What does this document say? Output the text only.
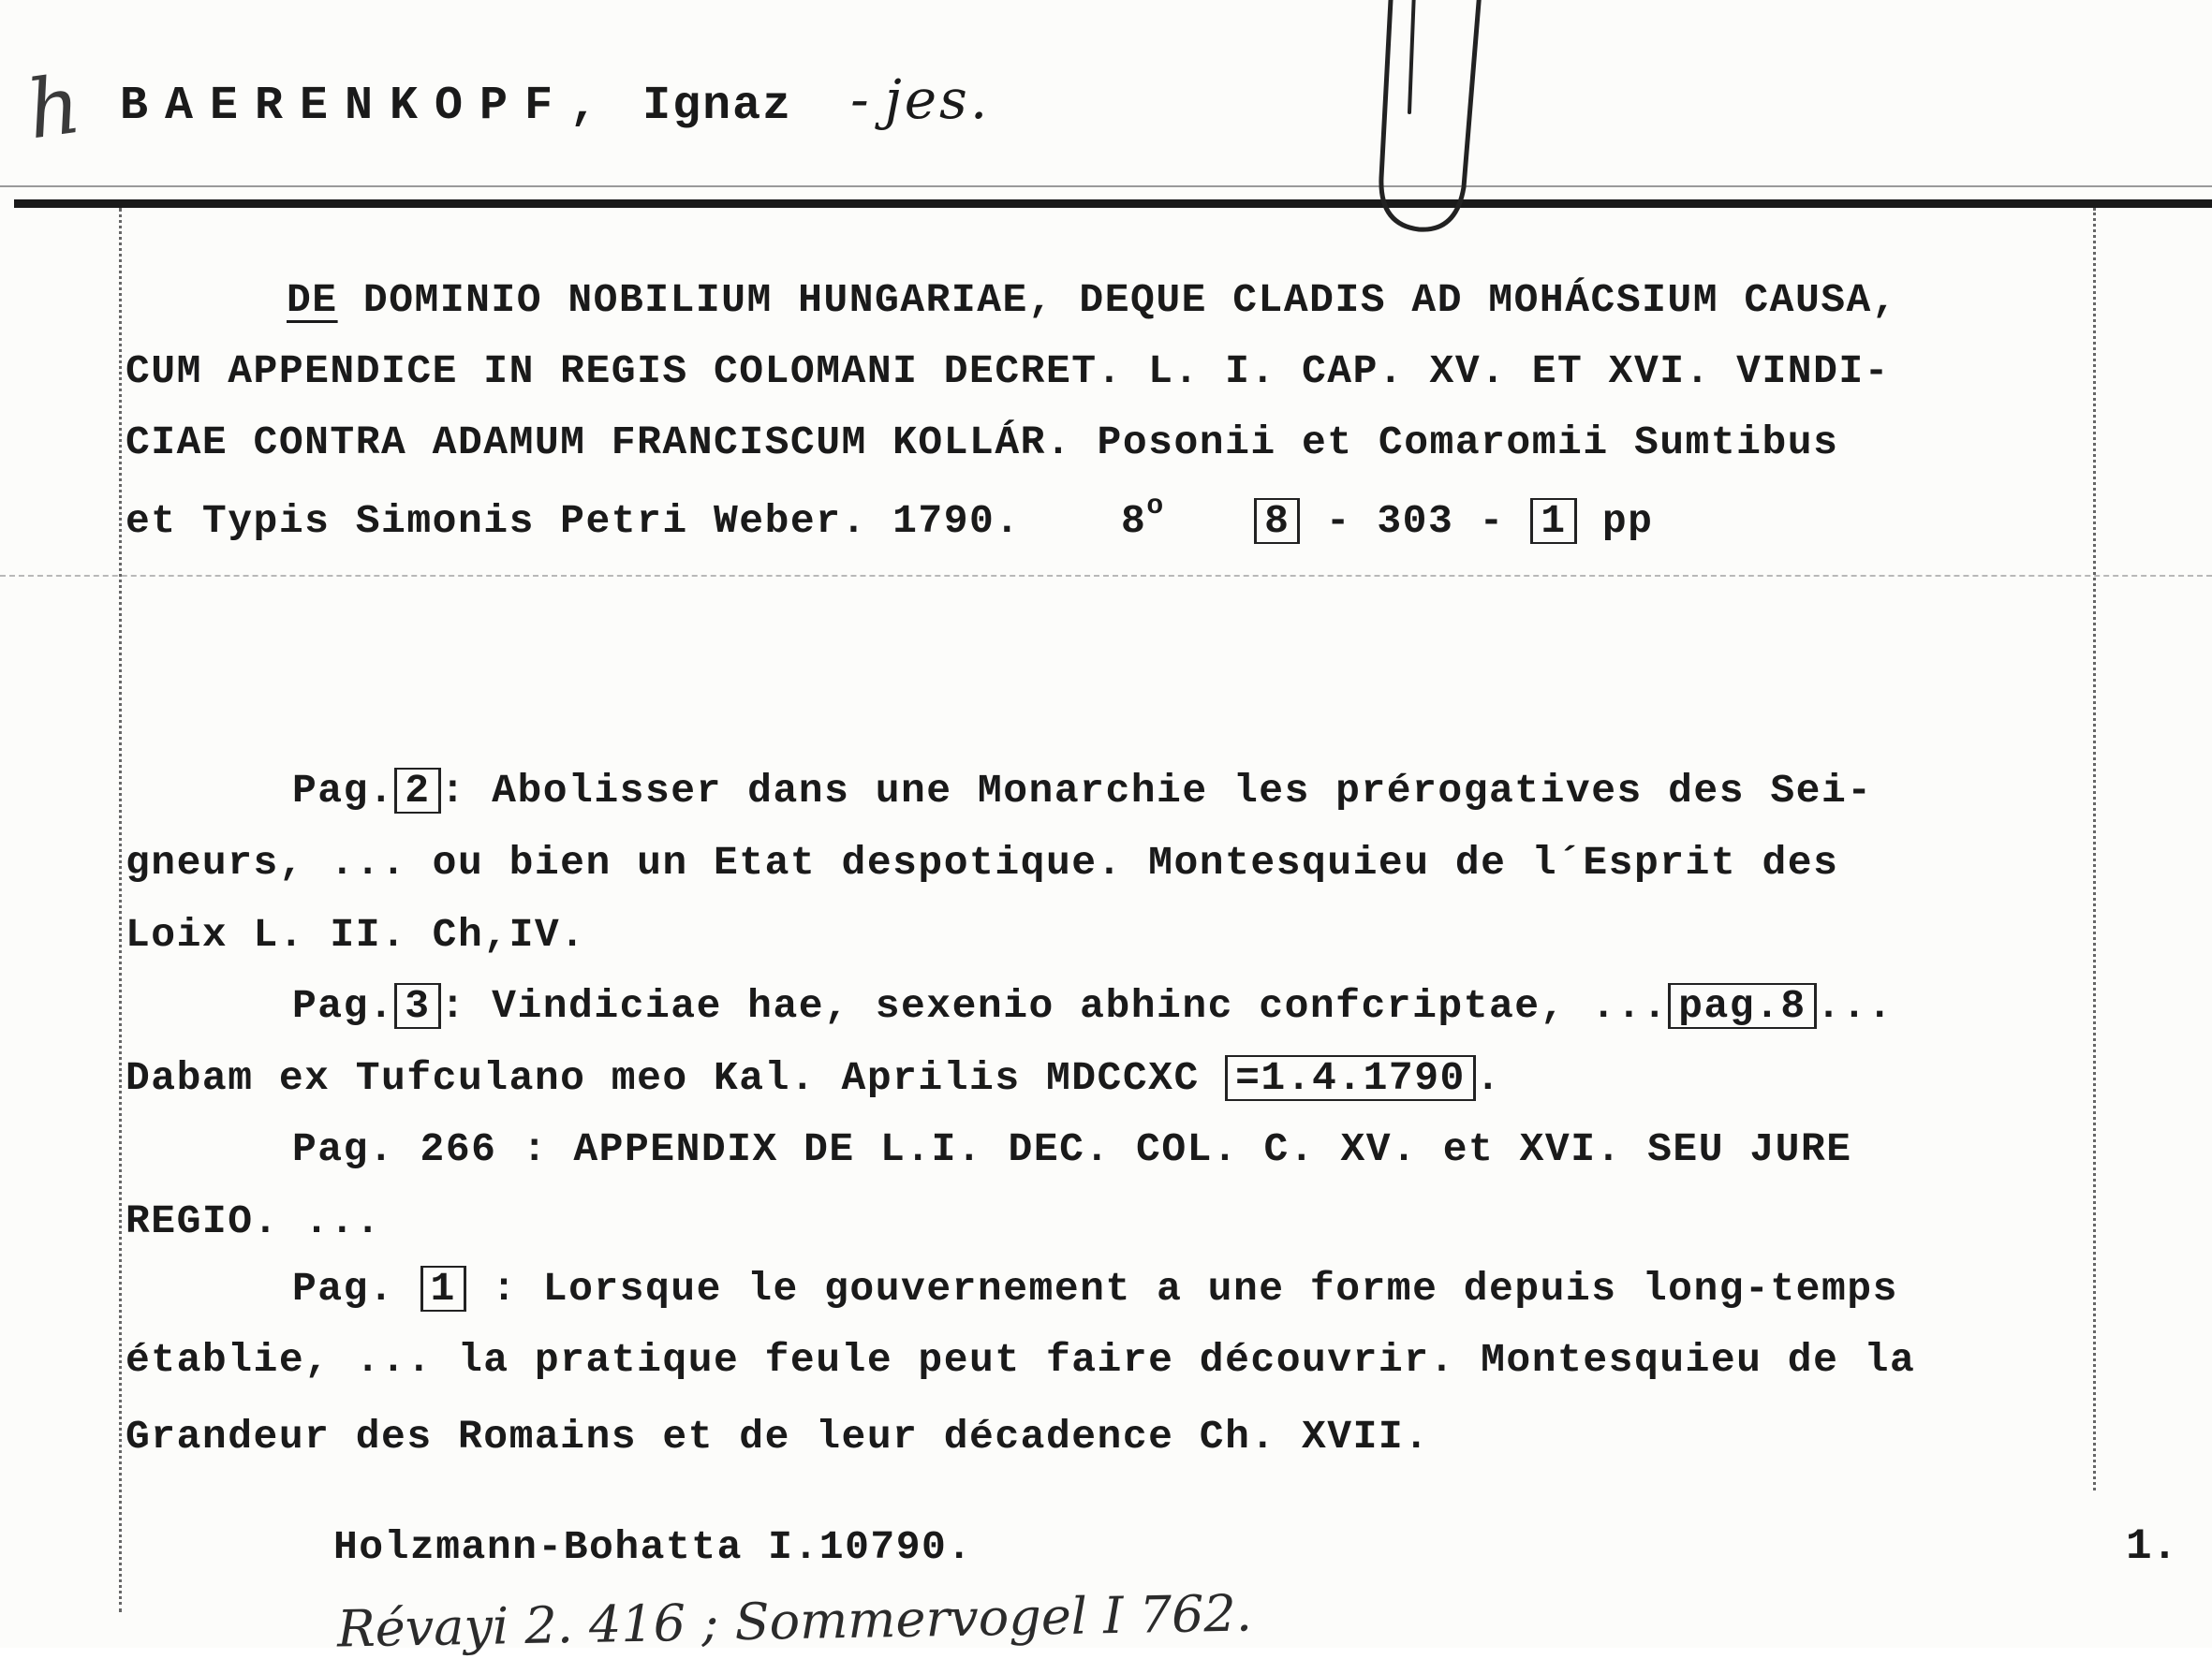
h BAERENKOPF, Ignaz - jes.
DE DOMINIO NOBILIUM HUNGARIAE, DEQUE CLADIS AD MOHÁCSIUM CAUSA,
CUM APPENDICE IN REGIS COLOMANI DECRET. L. I. CAP. XV. ET XVI. VINDI-
CIAE CONTRA ADAMUM FRANCISCUM KOLLÁR. Posonii et Comaromii Sumtibus
et Typis Simonis Petri Weber. 1790. 8$^o$ 8 - 303 - 1 pp
Pag. 2 : Abolisser dans une Monarchie les prérogatives des Sei-
gneurs, ... ou bien un Etat despotique. Montesquieu de l´Esprit des
Loix L. II. Ch,IV.
Pag. 3 : Vindiciae hae, sexenio abhinc confcriptae, ... pag.8 ...
Dabam ex Tufculano meo Kal. Aprilis MDCCXC =1.4.1790 .
Pag. 266 : APPENDIX DE L.I. DEC. COL. C. XV. et XVI. SEU JURE
REGIO. ...
Pag. 1 : Lorsque le gouvernement a une forme depuis long-temps
établie, ... la pratique feule peut faire découvrir. Montesquieu de la
Grandeur des Romains et de leur décadence Ch. XVII.
Holzmann-Bohatta I.10790.
Révayi 2. 416 ; Sommervogel I 762.
1.
